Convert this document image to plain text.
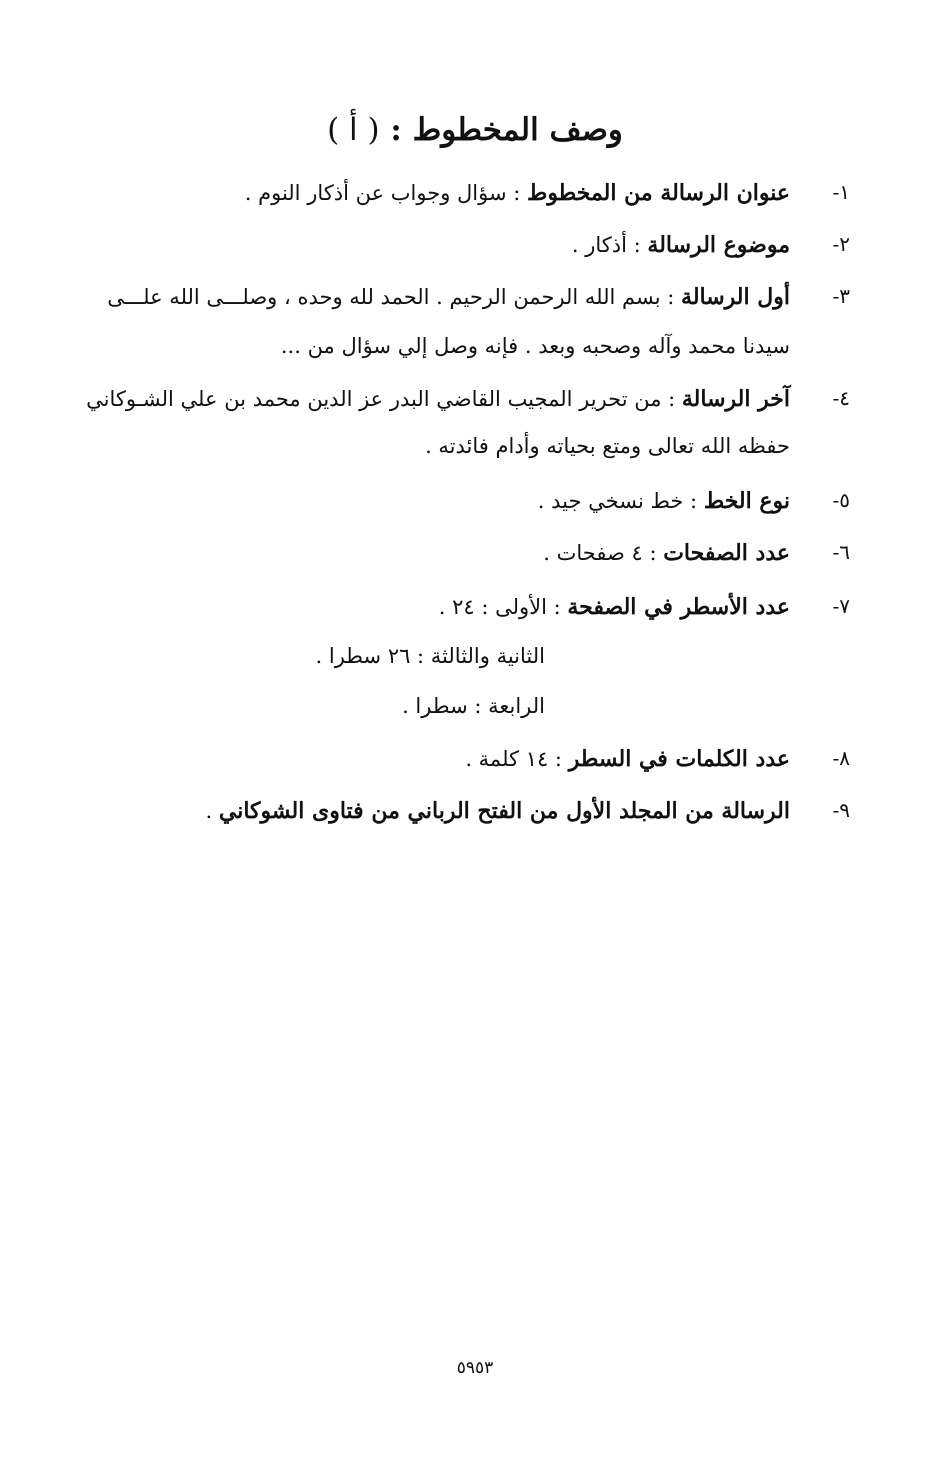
وصف المخطوط : ( أ )
١-
عنوان الرسالة من المخطوط : سؤال وجواب عن أذكار النوم .
٢-
موضوع الرسالة : أذكار .
٣-
أول الرسالة : بسم الله الرحمن الرحيم . الحمد لله وحده ، وصلـــى الله علـــى
سيدنا محمد وآله وصحبه وبعد . فإنه وصل إلي سؤال من ...
٤-
آخر الرسالة : من تحرير المجيب القاضي البدر عز الدين محمد بن علي الشـوكاني
حفظه الله تعالى ومتع بحياته وأدام فائدته .
٥-
نوع الخط : خط نسخي جيد .
٦-
عدد الصفحات : ٤ صفحات .
٧-
عدد الأسطر في الصفحة : الأولى : ٢٤ .
الثانية والثالثة : ٢٦ سطرا .
الرابعة : سطرا .
٨-
عدد الكلمات في السطر : ١٤ كلمة .
٩-
الرسالة من المجلد الأول من الفتح الرباني من فتاوى الشوكاني .
٥٩٥٣
